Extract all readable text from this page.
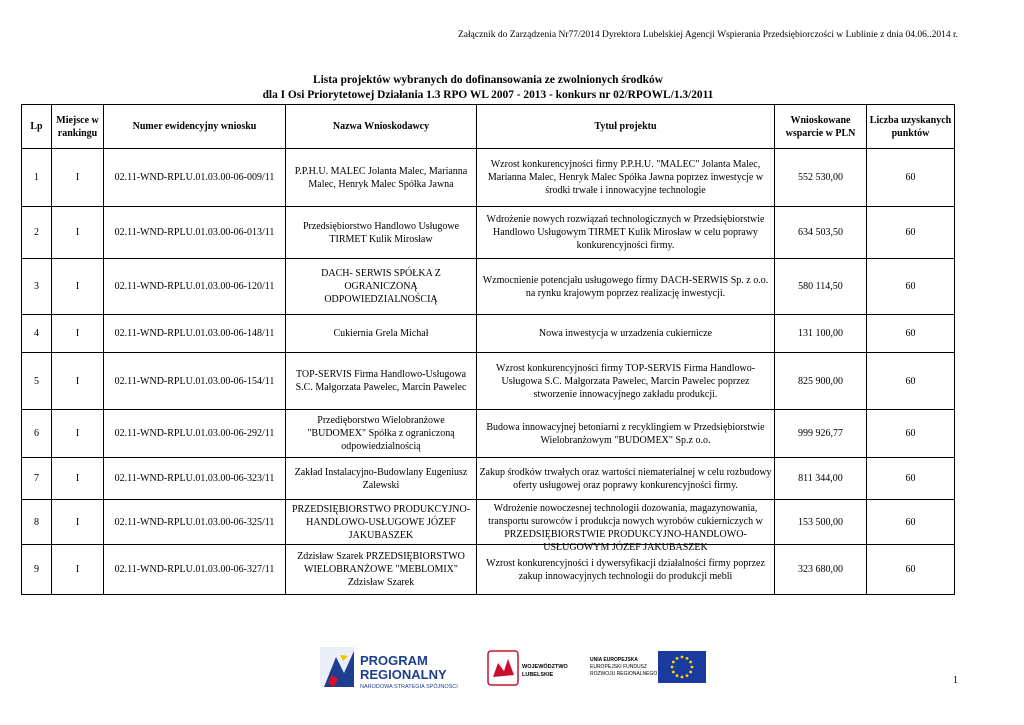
Załącznik do Zarządzenia Nr77/2014 Dyrektora Lubelskiej Agencji Wspierania Przedsiębiorczości w Lublinie z dnia 04.06..2014 r.
Lista projektów wybranych do dofinansowania ze zwolnionych środków
dla I Osi Priorytetowej Działania 1.3 RPO WL 2007 - 2013 - konkurs nr 02/RPOWL/1.3/2011
Lp	Miejsce w rankingu	Numer ewidencyjny wniosku	Nazwa Wnioskodawcy	Tytuł projektu	Wnioskowane wsparcie w PLN	Liczba uzyskanych punktów
1	I	02.11-WND-RPLU.01.03.00-06-009/11	P.P.H.U. MALEC Jolanta Malec, Marianna Malec, Henryk Malec Spółka Jawna	Wzrost konkurencyjności firmy P.P.H.U. "MALEC" Jolanta Malec, Marianna Malec, Henryk Malec Spółka Jawna poprzez inwestycje w środki trwałe i innowacyjne technologie	552 530,00	60
2	I	02.11-WND-RPLU.01.03.00-06-013/11	Przedsiębiorstwo Handlowo Usługowe TIRMET Kulik Mirosław	Wdrożenie nowych rozwiązań technologicznych w Przedsiębiorstwie Handlowo Usługowym TIRMET Kulik Mirosław w celu poprawy konkurencyjności firmy.	634 503,50	60
3	I	02.11-WND-RPLU.01.03.00-06-120/11	DACH- SERWIS SPÓŁKA Z OGRANICZONĄ ODPOWIEDZIALNOŚCIĄ	Wzmocnienie potencjału usługowego firmy DACH-SERWIS Sp. z o.o. na rynku krajowym poprzez realizację inwestycji.	580 114,50	60
4	I	02.11-WND-RPLU.01.03.00-06-148/11	Cukiernia Grela Michał	Nowa inwestycja w urzadzenia cukiernicze	131 100,00	60
5	I	02.11-WND-RPLU.01.03.00-06-154/11	TOP-SERVIS Firma Handlowo-Usługowa S.C. Małgorzata Pawelec, Marcin Pawelec	Wzrost konkurencyjności firmy TOP-SERVIS Firma Handlowo-Usługowa S.C. Małgorzata Pawelec, Marcin Pawelec poprzez stworzenie innowacyjnego zakładu produkcji.	825 900,00	60
6	I	02.11-WND-RPLU.01.03.00-06-292/11	Przedięborstwo Wielobranżowe "BUDOMEX" Spółka z ograniczoną odpowiedzialnością	Budowa innowacyjnej betoniarni z recyklingiem w Przedsiębiorstwie Wielobranżowym "BUDOMEX" Sp.z o.o.	999 926,77	60
7	I	02.11-WND-RPLU.01.03.00-06-323/11	Zakład Instalacyjno-Budowlany Eugeniusz Zalewski	Zakup środków trwałych oraz wartości niematerialnej w celu rozbudowy oferty usługowej oraz poprawy konkurencyjności firmy.	811 344,00	60
8	I	02.11-WND-RPLU.01.03.00-06-325/11	PRZEDSIĘBIORSTWO PRODUKCYJNO-HANDLOWO-USŁUGOWE JÓZEF JAKUBASZEK	Wdrożenie nowoczesnej technologii dozowania, magazynowania, transportu surowców i produkcja nowych wyrobów cukierniczych w PRZEDSIĘBIORSTWIE PRODUKCYJNO-HANDLOWO-USŁUGOWYM JÓZEF JAKUBASZEK	153 500,00	60
9	I	02.11-WND-RPLU.01.03.00-06-327/11	Zdzisław Szarek PRZEDSIĘBIORSTWO WIELOBRANŻOWE "MEBLOMIX" Zdzisław Szarek	Wzrost konkurencyjności i dywersyfikacji działalności firmy poprzez zakup innowacyjnych technologii do produkcji mebli	323 680,00	60
PROGRAM
REGIONALNY
NARODOWA STRATEGIA SPÓJNOŚCI
WOJEWÓDZTWO
LUBELSKIE
UNIA EUROPEJSKA
EUROPEJSKI FUNDUSZ
ROZWOJU REGIONALNEGO
1
